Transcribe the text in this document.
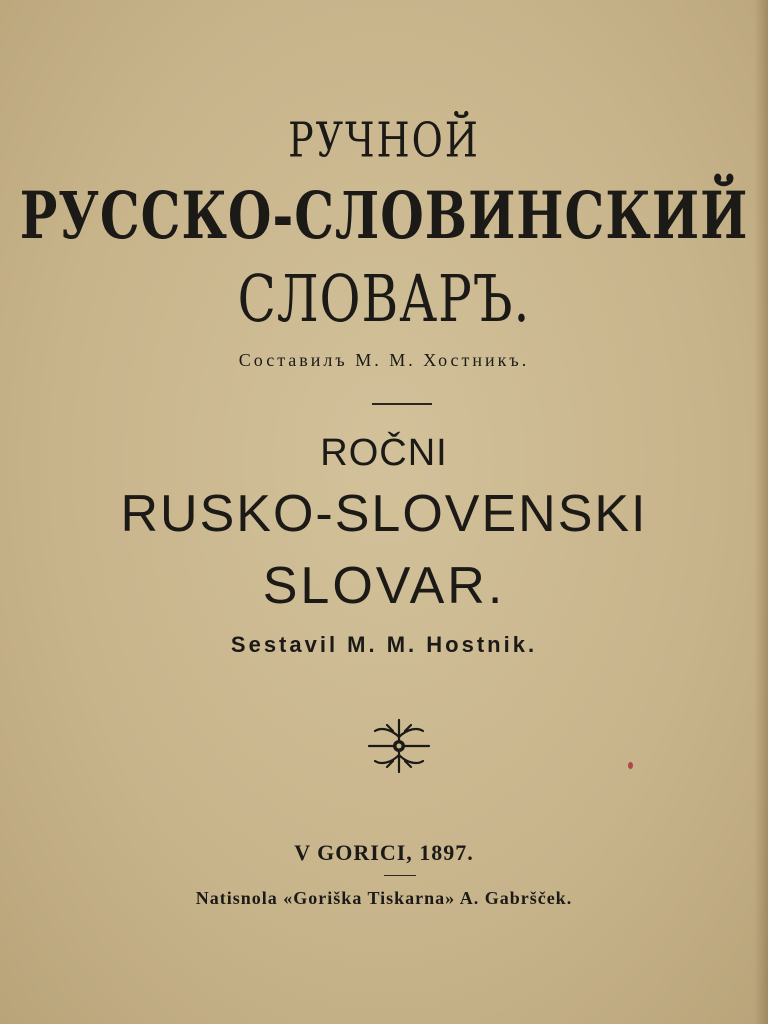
РУЧНОЙ
РУССКО-СЛОВИНСКИЙ
СЛОВАРЪ.
Составилъ М. М. Хостникъ.
ROČNI
RUSKO-SLOVENSKI
SLOVAR.
Sestavil M. M. Hostnik.
V GORICI, 1897.
Natisnola «Goriška Tiskarna» A. Gabršček.
